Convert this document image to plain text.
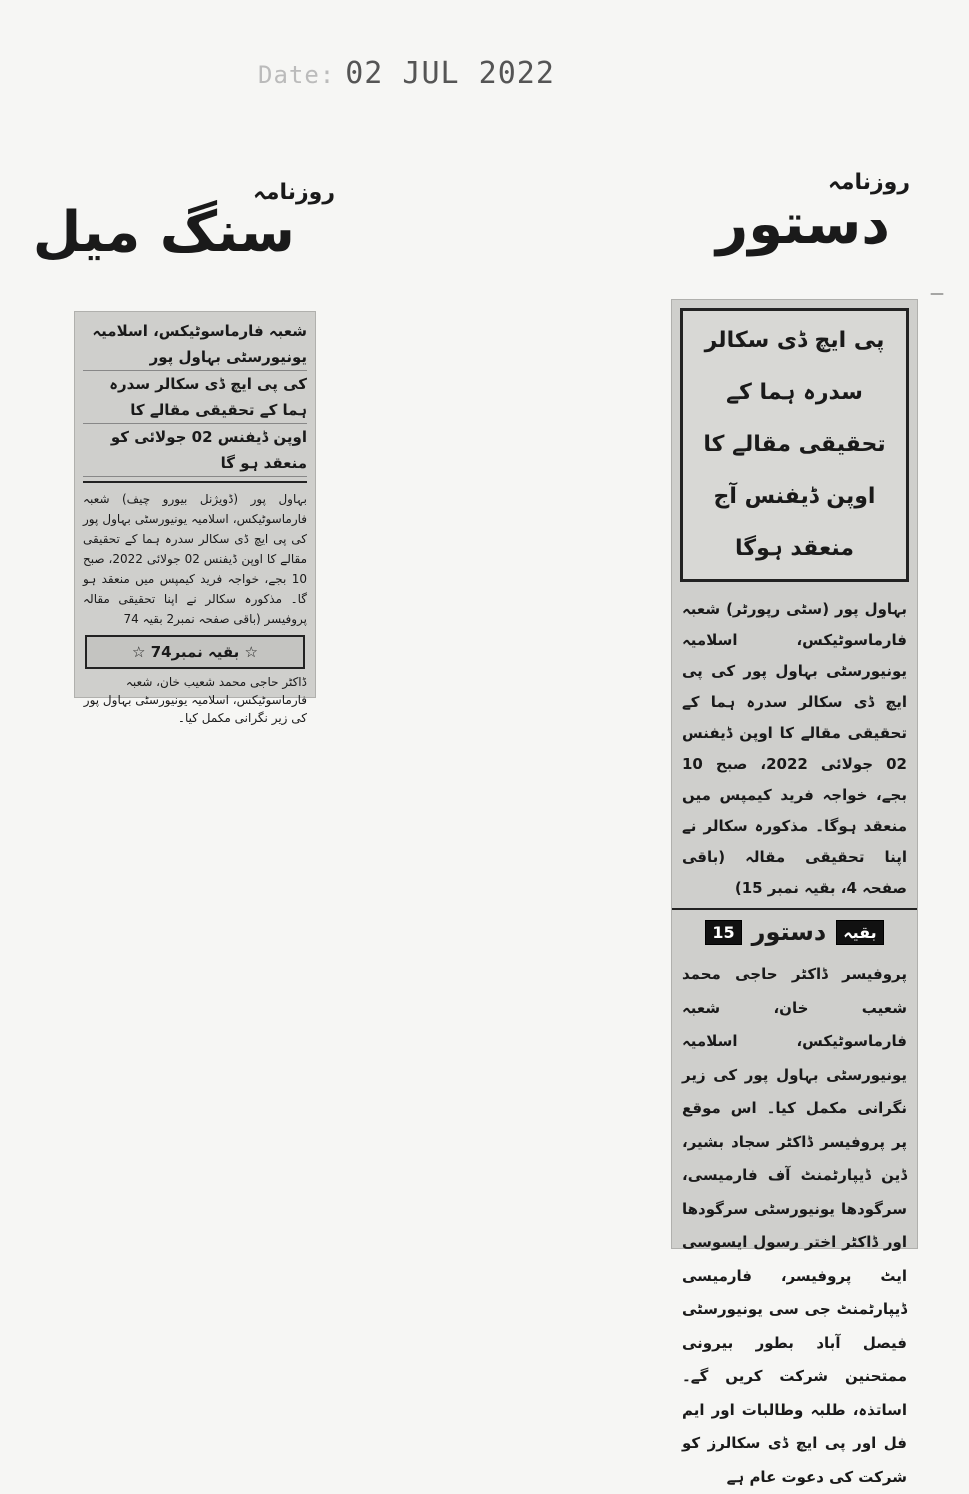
Date: 02 JUL 2022
روزنامہ
سنگ میل
روزنامہ
دستور
شعبہ فارماسوٹیکس، اسلامیہ یونیورسٹی بہاول پور
کی پی ایچ ڈی سکالر سدرہ ہما کے تحقیقی مقالے کا
اوپن ڈیفنس 02 جولائی کو منعقد ہو گا
بہاول پور (ڈویژنل بیورو چیف) شعبہ فارماسوٹیکس، اسلامیہ یونیورسٹی بہاول پور کی پی ایچ ڈی سکالر سدرہ ہما کے تحقیقی مقالے کا اوپن ڈیفنس 02 جولائی 2022، صبح 10 بجے، خواجہ فرید کیمپس میں منعقد ہو گا۔ مذکورہ سکالر نے اپنا تحقیقی مقالہ پروفیسر (باقی صفحہ نمبر2 بقیہ 74
☆ بقیہ نمبر74 ☆
ڈاکٹر حاجی محمد شعیب خان، شعبہ فارماسوٹیکس، اسلامیہ یونیورسٹی بہاول پور کی زیر نگرانی مکمل کیا۔
پی ایچ ڈی سکالر سدرہ ہما کے تحقیقی مقالے کا اوپن ڈیفنس آج منعقد ہوگا
بہاول پور (سٹی رپورٹر) شعبہ فارماسوٹیکس، اسلامیہ یونیورسٹی بہاول پور کی پی ایچ ڈی سکالر سدرہ ہما کے تحقیقی مقالے کا اوپن ڈیفنس 02 جولائی 2022، صبح 10 بجے، خواجہ فرید کیمپس میں منعقد ہوگا۔ مذکورہ سکالر نے اپنا تحقیقی مقالہ (باقی صفحہ 4، بقیہ نمبر 15)
بقیہ
دستور
15
پروفیسر ڈاکٹر حاجی محمد شعیب خان، شعبہ فارماسوٹیکس، اسلامیہ یونیورسٹی بہاول پور کی زیر نگرانی مکمل کیا۔ اس موقع پر پروفیسر ڈاکٹر سجاد بشیر، ڈین ڈیپارٹمنٹ آف فارمیسی، سرگودھا یونیورسٹی سرگودھا اور ڈاکٹر اختر رسول ایسوسی ایٹ پروفیسر، فارمیسی ڈیپارٹمنٹ جی سی یونیورسٹی فیصل آباد بطور بیرونی ممتحنین شرکت کریں گے۔ اساتذہ، طلبہ وطالبات اور ایم فل اور پی ایچ ڈی سکالرز کو شرکت کی دعوت عام ہے
—
